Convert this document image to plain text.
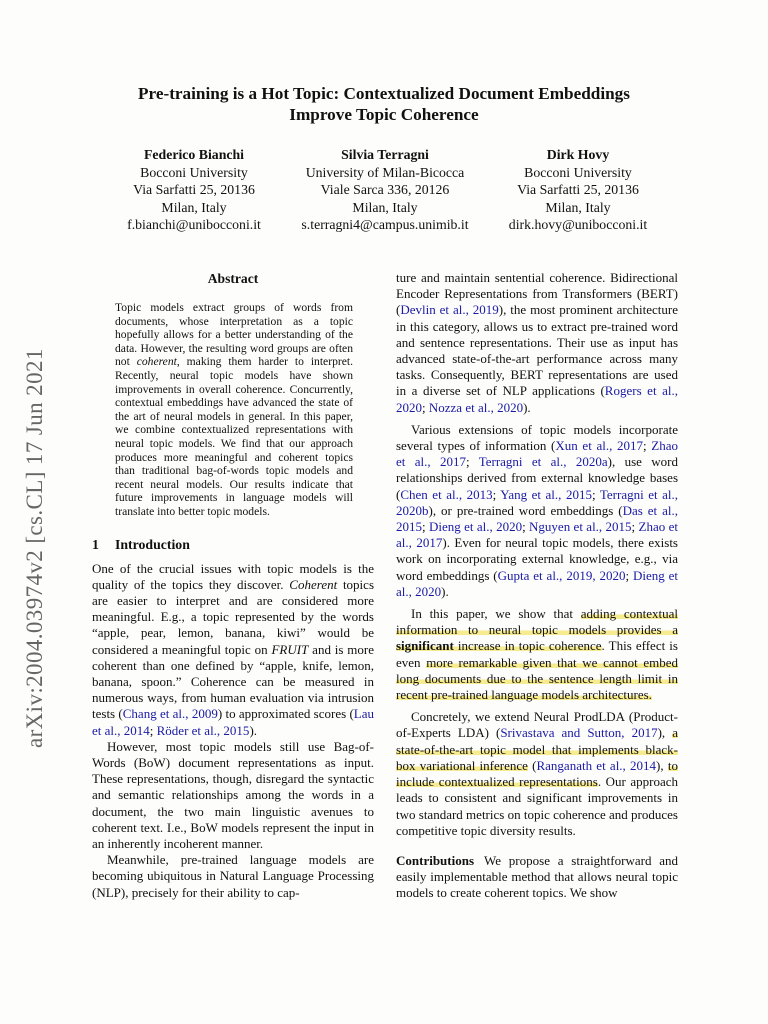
arXiv:2004.03974v2 [cs.CL] 17 Jun 2021
Pre-training is a Hot Topic: Contextualized Document Embeddings
Improve Topic Coherence
Federico Bianchi
Bocconi University
Via Sarfatti 25, 20136
Milan, Italy
f.bianchi@unibocconi.it
Silvia Terragni
University of Milan-Bicocca
Viale Sarca 336, 20126
Milan, Italy
s.terragni4@campus.unimib.it
Dirk Hovy
Bocconi University
Via Sarfatti 25, 20136
Milan, Italy
dirk.hovy@unibocconi.it
Abstract

Topic models extract groups of words from documents, whose interpretation as a topic hopefully allows for a better understanding of the data. However, the resulting word groups are often not coherent, making them harder to interpret. Recently, neural topic models have shown improvements in overall coherence. Concurrently, contextual embeddings have advanced the state of the art of neural models in general. In this paper, we combine contextualized representations with neural topic models. We find that our approach produces more meaningful and coherent topics than traditional bag-of-words topic models and recent neural models. Our results indicate that future improvements in language models will translate into better topic models.

1 Introduction

One of the crucial issues with topic models is the quality of the topics they discover. Coherent topics are easier to interpret and are considered more meaningful. E.g., a topic represented by the words “apple, pear, lemon, banana, kiwi” would be considered a meaningful topic on FRUIT and is more coherent than one defined by “apple, knife, lemon, banana, spoon.” Coherence can be measured in numerous ways, from human evaluation via intrusion tests (Chang et al., 2009) to approximated scores (Lau et al., 2014; Röder et al., 2015).

However, most topic models still use Bag-of-Words (BoW) document representations as input. These representations, though, disregard the syntactic and semantic relationships among the words in a document, the two main linguistic avenues to coherent text. I.e., BoW models represent the input in an inherently incoherent manner.

Meanwhile, pre-trained language models are becoming ubiquitous in Natural Language Processing (NLP), precisely for their ability to cap-

ture and maintain sentential coherence. Bidirectional Encoder Representations from Transformers (BERT) (Devlin et al., 2019), the most prominent architecture in this category, allows us to extract pre-trained word and sentence representations. Their use as input has advanced state-of-the-art performance across many tasks. Consequently, BERT representations are used in a diverse set of NLP applications (Rogers et al., 2020; Nozza et al., 2020).

Various extensions of topic models incorporate several types of information (Xun et al., 2017; Zhao et al., 2017; Terragni et al., 2020a), use word relationships derived from external knowledge bases (Chen et al., 2013; Yang et al., 2015; Terragni et al., 2020b), or pre-trained word embeddings (Das et al., 2015; Dieng et al., 2020; Nguyen et al., 2015; Zhao et al., 2017). Even for neural topic models, there exists work on incorporating external knowledge, e.g., via word embeddings (Gupta et al., 2019, 2020; Dieng et al., 2020).

In this paper, we show that adding contextual information to neural topic models provides a significant increase in topic coherence. This effect is even more remarkable given that we cannot embed long documents due to the sentence length limit in recent pre-trained language models architectures.

Concretely, we extend Neural ProdLDA (Product-of-Experts LDA) (Srivastava and Sutton, 2017), a state-of-the-art topic model that implements black-box variational inference (Ranganath et al., 2014), to include contextualized representations. Our approach leads to consistent and significant improvements in two standard metrics on topic coherence and produces competitive topic diversity results.

Contributions We propose a straightforward and easily implementable method that allows neural topic models to create coherent topics. We show
